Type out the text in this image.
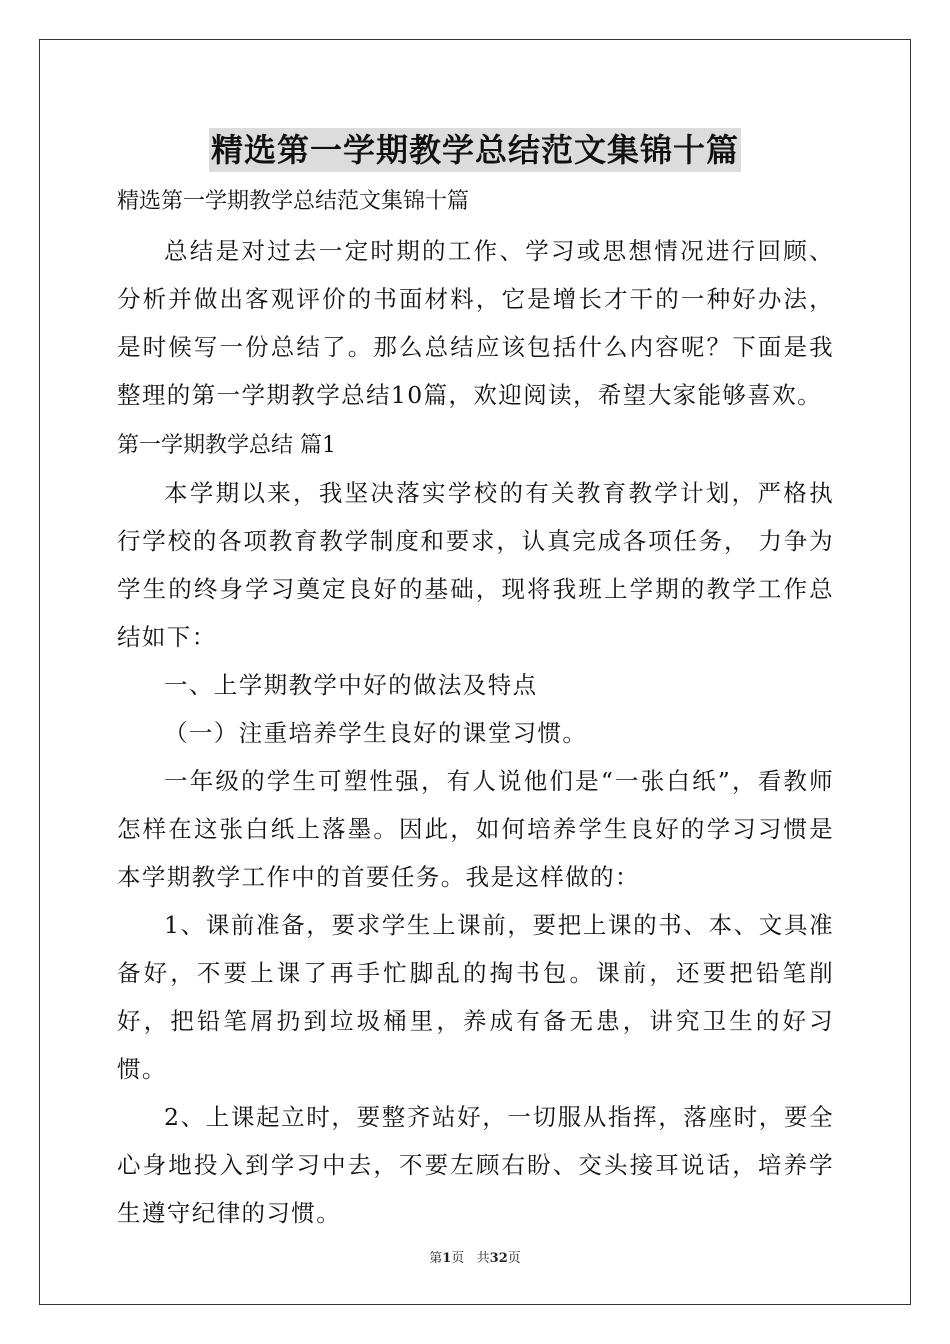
精选第一学期教学总结范文集锦十篇

精选第一学期教学总结范文集锦十篇

总结是对过去一定时期的工作、学习或思想情况进行回顾、分析并做出客观评价的书面材料，它是增长才干的一种好办法，是时候写一份总结了。那么总结应该包括什么内容呢？下面是我整理的第一学期教学总结10篇，欢迎阅读，希望大家能够喜欢。

第一学期教学总结 篇1

本学期以来，我坚决落实学校的有关教育教学计划，严格执行学校的各项教育教学制度和要求，认真完成各项任务， 力争为学生的终身学习奠定良好的基础，现将我班上学期的教学工作总结如下：

一、上学期教学中好的做法及特点

（一）注重培养学生良好的课堂习惯。

一年级的学生可塑性强，有人说他们是“一张白纸”，看教师怎样在这张白纸上落墨。因此，如何培养学生良好的学习习惯是本学期教学工作中的首要任务。我是这样做的：

1、课前准备，要求学生上课前，要把上课的书、本、文具准备好，不要上课了再手忙脚乱的掏书包。课前，还要把铅笔削好，把铅笔屑扔到垃圾桶里，养成有备无患，讲究卫生的好习惯。

2、上课起立时，要整齐站好，一切服从指挥，落座时，要全心身地投入到学习中去，不要左顾右盼、交头接耳说话，培养学生遵守纪律的习惯。

第1页   共32页
